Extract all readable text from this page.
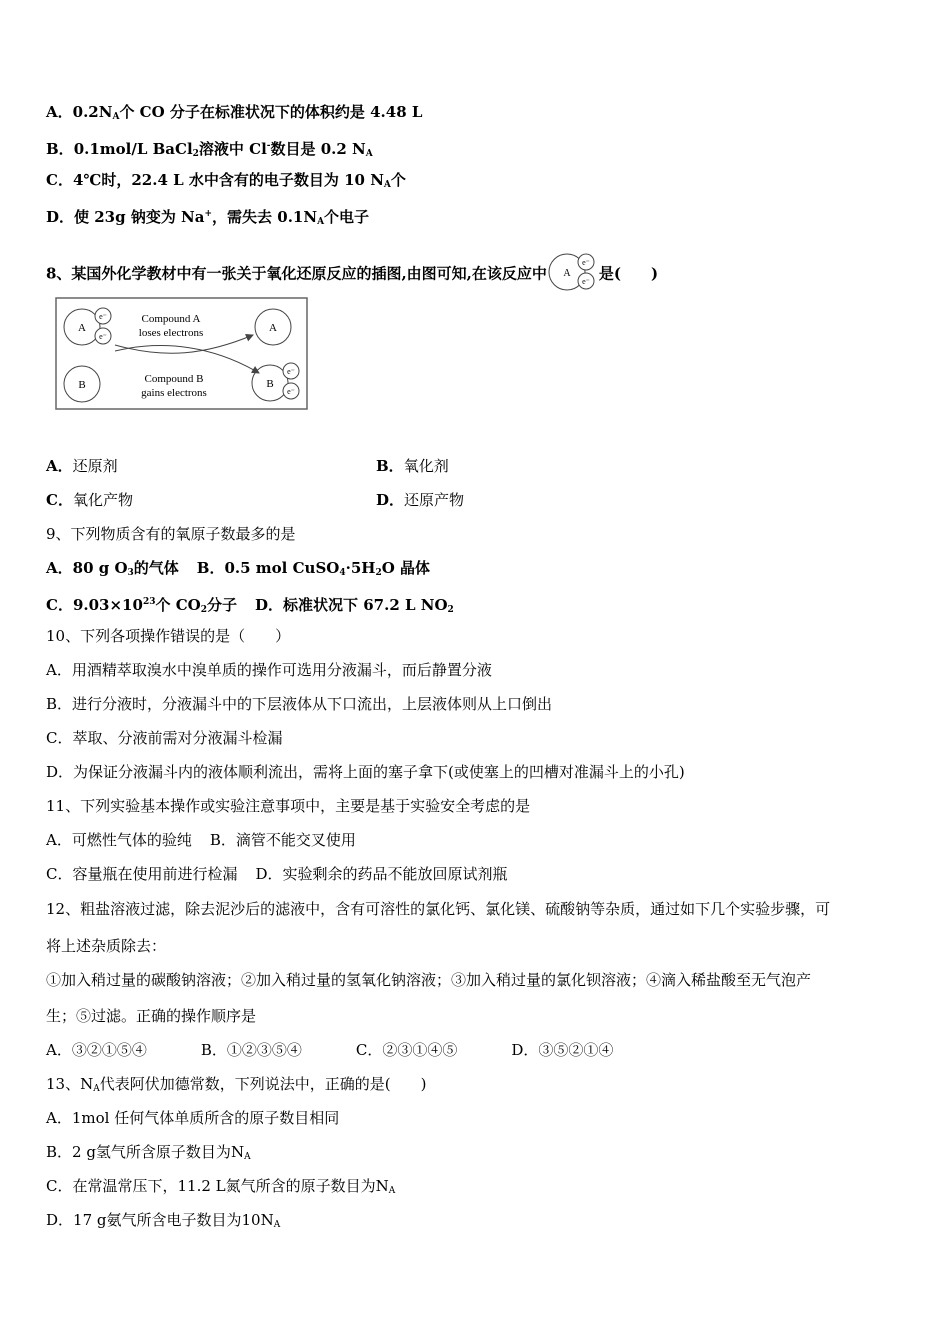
A．$0.2N_A$个 CO 分子在标准状况下的体积约是 4.48 L
B．0.1mol/L BaCl$_2$溶液中 Cl-数目是 0.2 $N_A$
C．4℃时，22.4 L 水中含有的电子数目为 10 $N_A$个
D．使 23g 钠变为 Na+，需失去 $0.1N_A$个电子
8、某国外化学教材中有一张关于氧化还原反应的插图,由图可知,在该反应中 A
e⁻
e⁻ 是(　　)
A
e⁻
e⁻
A
B	B
e⁻
e⁻
Compound A
loses electrons
Compound B
gains electrons
A．还原剂	B．氧化剂
C．氧化产物	D．还原产物
9、下列物质含有的氧原子数最多的是
A．80 g $O_3$的气体 B．0.5 mol $CuSO_4\cdot 5H_2O$ 晶体
C．$9.03\times 10^{23}$个 $CO_2$分子 D．标准状况下 67.2 L $NO_2$
10、下列各项操作错误的是（　　）
A．用酒精萃取溴水中溴单质的操作可选用分液漏斗，而后静置分液
B．进行分液时，分液漏斗中的下层液体从下口流出，上层液体则从上口倒出
C．萃取、分液前需对分液漏斗检漏
D．为保证分液漏斗内的液体顺利流出，需将上面的塞子拿下(或使塞上的凹槽对准漏斗上的小孔)
11、下列实验基本操作或实验注意事项中，主要是基于实验安全考虑的是
A．可燃性气体的验纯 B．滴管不能交叉使用
C．容量瓶在使用前进行检漏 D．实验剩余的药品不能放回原试剂瓶
12、粗盐溶液过滤，除去泥沙后的滤液中，含有可溶性的氯化钙、氯化镁、硫酸钠等杂质，通过如下几个实验步骤，可
将上述杂质除去：
①加入稍过量的碳酸钠溶液；②加入稍过量的氢氧化钠溶液；③加入稍过量的氯化钡溶液；④滴入稀盐酸至无气泡产
生；⑤过滤。正确的操作顺序是
A．③②①⑤④	B．①②③⑤④	C．②③①④⑤	D．③⑤②①④
13、$N_A$代表阿伏加德常数，下列说法中，正确的是(　　)
A．1mol 任何气体单质所含的原子数目相同
B．2 g氢气所含原子数目为$N_A$
C．在常温常压下，11.2 L氮气所含的原子数目为$N_A$
D．17 g氨气所含电子数目为$10N_A$
